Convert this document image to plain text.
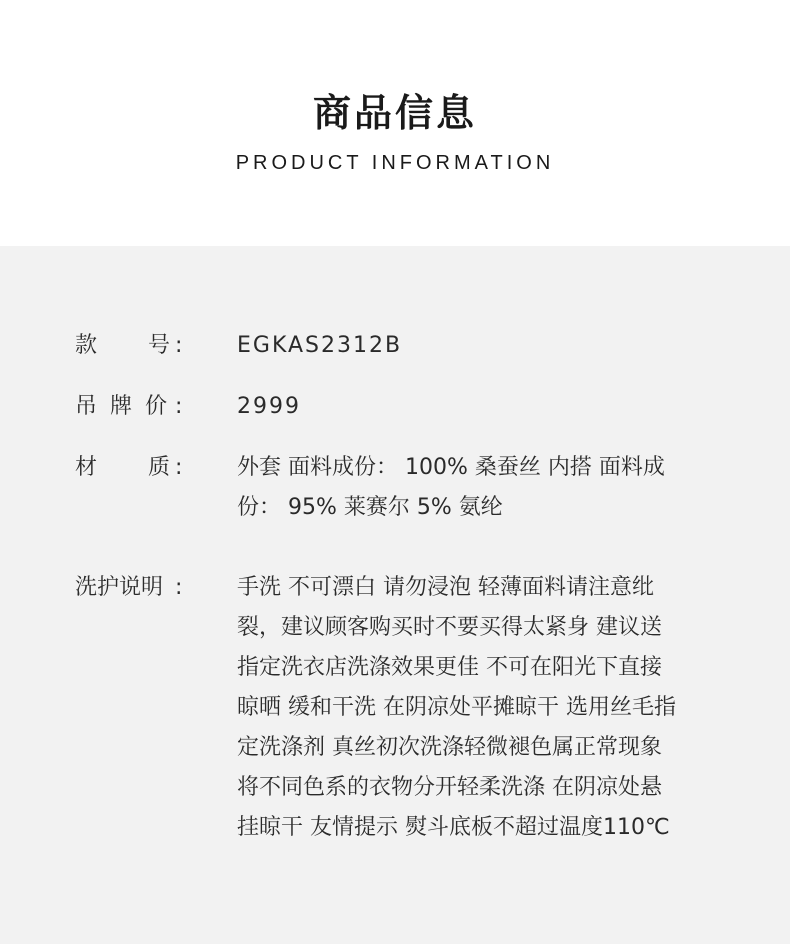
商品信息
PRODUCT INFORMATION
款 号 : EGKAS2312B
吊 牌 价 : 2999
材 质 : 外套 面料成份： 100% 桑蚕丝 内搭 面料成
份： 95% 莱赛尔 5% 氨纶
洗护说明 : 手洗 不可漂白 请勿浸泡 轻薄面料请注意纰
裂，建议顾客购买时不要买得太紧身 建议送
指定洗衣店洗涤效果更佳 不可在阳光下直接
晾晒 缓和干洗 在阴凉处平摊晾干 选用丝毛指
定洗涤剂 真丝初次洗涤轻微褪色属正常现象
将不同色系的衣物分开轻柔洗涤 在阴凉处悬
挂晾干 友情提示 熨斗底板不超过温度110℃
